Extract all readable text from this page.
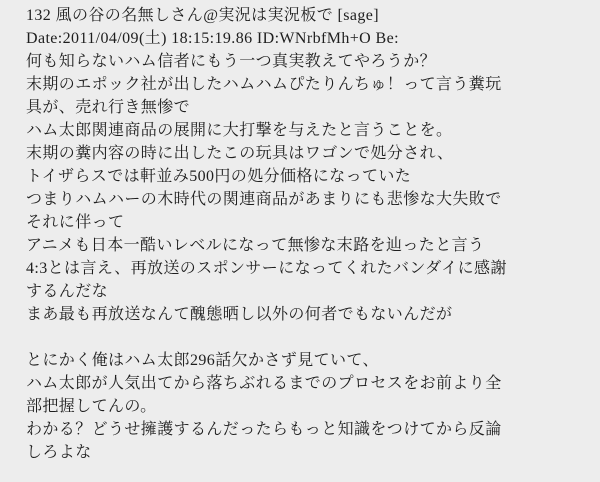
132 風の谷の名無しさん@実況は実況板で [sage]
Date:2011/04/09(土) 18:15:19.86 ID:WNrbfMh+O Be:
何も知らないハム信者にもう一つ真実教えてやろうか？
末期のエポック社が出したハムハムぴたりんちゅ！って言う糞玩
具が、売れ行き無惨で
ハム太郎関連商品の展開に大打撃を与えたと言うことを。
末期の糞内容の時に出したこの玩具はワゴンで処分され、
トイザらスでは軒並み500円の処分価格になっていた
つまりハムハーの木時代の関連商品があまりにも悲惨な大失敗で
それに伴って
アニメも日本一酷いレベルになって無惨な末路を辿ったと言う
4:3とは言え、再放送のスポンサーになってくれたバンダイに感謝
するんだな
まあ最も再放送なんて醜態晒し以外の何者でもないんだが
とにかく俺はハム太郎296話欠かさず見ていて、
ハム太郎が人気出てから落ちぶれるまでのプロセスをお前より全
部把握してんの。
わかる？どうせ擁護するんだったらもっと知識をつけてから反論
しろよな
